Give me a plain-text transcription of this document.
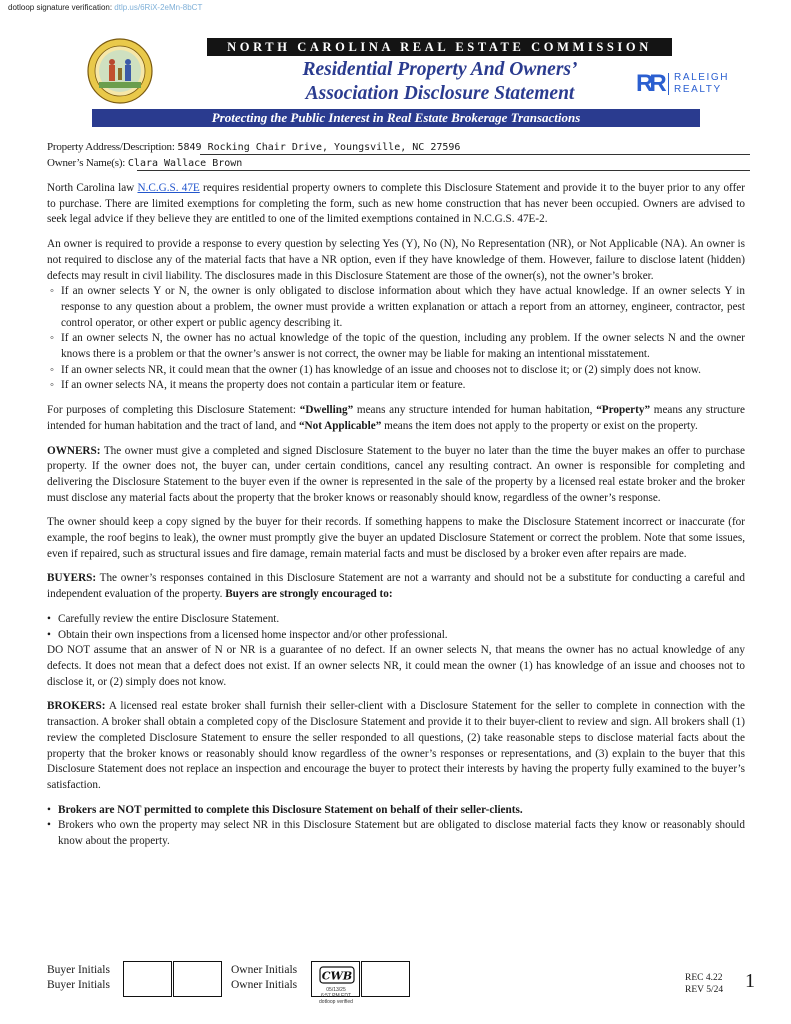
dotloop signature verification: dtlp.us/6RiX-2eMn-8bCT
NORTH CAROLINA REAL ESTATE COMMISSION
Residential Property And Owners’
Association Disclosure Statement	RR RALEIGH
REALTY
Protecting the Public Interest in Real Estate Brokerage Transactions
Property Address/Description: 5849 Rocking Chair Drive, Youngsville, NC 27596
Owner’s Name(s): Clara Wallace Brown

North Carolina law N.C.G.S. 47E requires residential property owners to complete this Disclosure Statement and provide it to the buyer prior to any offer to purchase. There are limited exemptions for completing the form, such as new home construction that has never been occupied. Owners are advised to seek legal advice if they believe they are entitled to one of the limited exemptions contained in N.C.G.S. 47E-2.

An owner is required to provide a response to every question by selecting Yes (Y), No (N), No Representation (NR), or Not Applicable (NA). An owner is not required to disclose any of the material facts that have a NR option, even if they have knowledge of them. However, failure to disclose latent (hidden) defects may result in civil liability. The disclosures made in this Disclosure Statement are those of the owner(s), not the owner’s broker.

◦ If an owner selects Y or N, the owner is only obligated to disclose information about which they have actual knowledge. If an owner selects Y in response to any question about a problem, the owner must provide a written explanation or attach a report from an attorney, engineer, contractor, pest control operator, or other expert or public agency describing it.
◦ If an owner selects N, the owner has no actual knowledge of the topic of the question, including any problem. If the owner selects N and the owner knows there is a problem or that the owner’s answer is not correct, the owner may be liable for making an intentional misstatement.
◦ If an owner selects NR, it could mean that the owner (1) has knowledge of an issue and chooses not to disclose it; or (2) simply does not know.
◦ If an owner selects NA, it means the property does not contain a particular item or feature.

For purposes of completing this Disclosure Statement: “Dwelling” means any structure intended for human habitation, “Property” means any structure intended for human habitation and the tract of land, and “Not Applicable” means the item does not apply to the property or exist on the property.

OWNERS: The owner must give a completed and signed Disclosure Statement to the buyer no later than the time the buyer makes an offer to purchase property. If the owner does not, the buyer can, under certain conditions, cancel any resulting contract. An owner is responsible for completing and delivering the Disclosure Statement to the buyer even if the owner is represented in the sale of the property by a licensed real estate broker and the broker must disclose any material facts about the property that the broker knows or reasonably should know, regardless of the owner’s response.

The owner should keep a copy signed by the buyer for their records. If something happens to make the Disclosure Statement incorrect or inaccurate (for example, the roof begins to leak), the owner must promptly give the buyer an updated Disclosure Statement or correct the problem. Note that some issues, even if repaired, such as structural issues and fire damage, remain material facts and must be disclosed by a broker even after repairs are made.

BUYERS: The owner’s responses contained in this Disclosure Statement are not a warranty and should not be a substitute for conducting a careful and independent evaluation of the property. Buyers are strongly encouraged to:

• Carefully review the entire Disclosure Statement.
• Obtain their own inspections from a licensed home inspector and/or other professional.

DO NOT assume that an answer of N or NR is a guarantee of no defect. If an owner selects N, that means the owner has no actual knowledge of any defects. It does not mean that a defect does not exist. If an owner selects NR, it could mean the owner (1) has knowledge of an issue and chooses not to disclose it, or (2) simply does not know.

BROKERS: A licensed real estate broker shall furnish their seller-client with a Disclosure Statement for the seller to complete in connection with the transaction. A broker shall obtain a completed copy of the Disclosure Statement and provide it to their buyer-client to review and sign. All brokers shall (1) review the completed Disclosure Statement to ensure the seller responded to all questions, (2) take reasonable steps to disclose material facts about the property that the broker knows or reasonably should know regardless of the owner’s responses or representations, and (3) explain to the buyer that this Disclosure Statement does not replace an inspection and encourage the buyer to protect their interests by having the property fully examined to the buyer’s satisfaction.

• Brokers are NOT permitted to complete this Disclosure Statement on behalf of their seller-clients.
• Brokers who own the property may select NR in this Disclosure Statement but are obligated to disclose material facts they know or reasonably should know about the property.
Buyer Initials
Buyer Initials
Owner Initials
Owner Initials
CWB
05/13/25
6:57 PM EDT
dotloop verified
REC 4.22
REV 5/24 1
